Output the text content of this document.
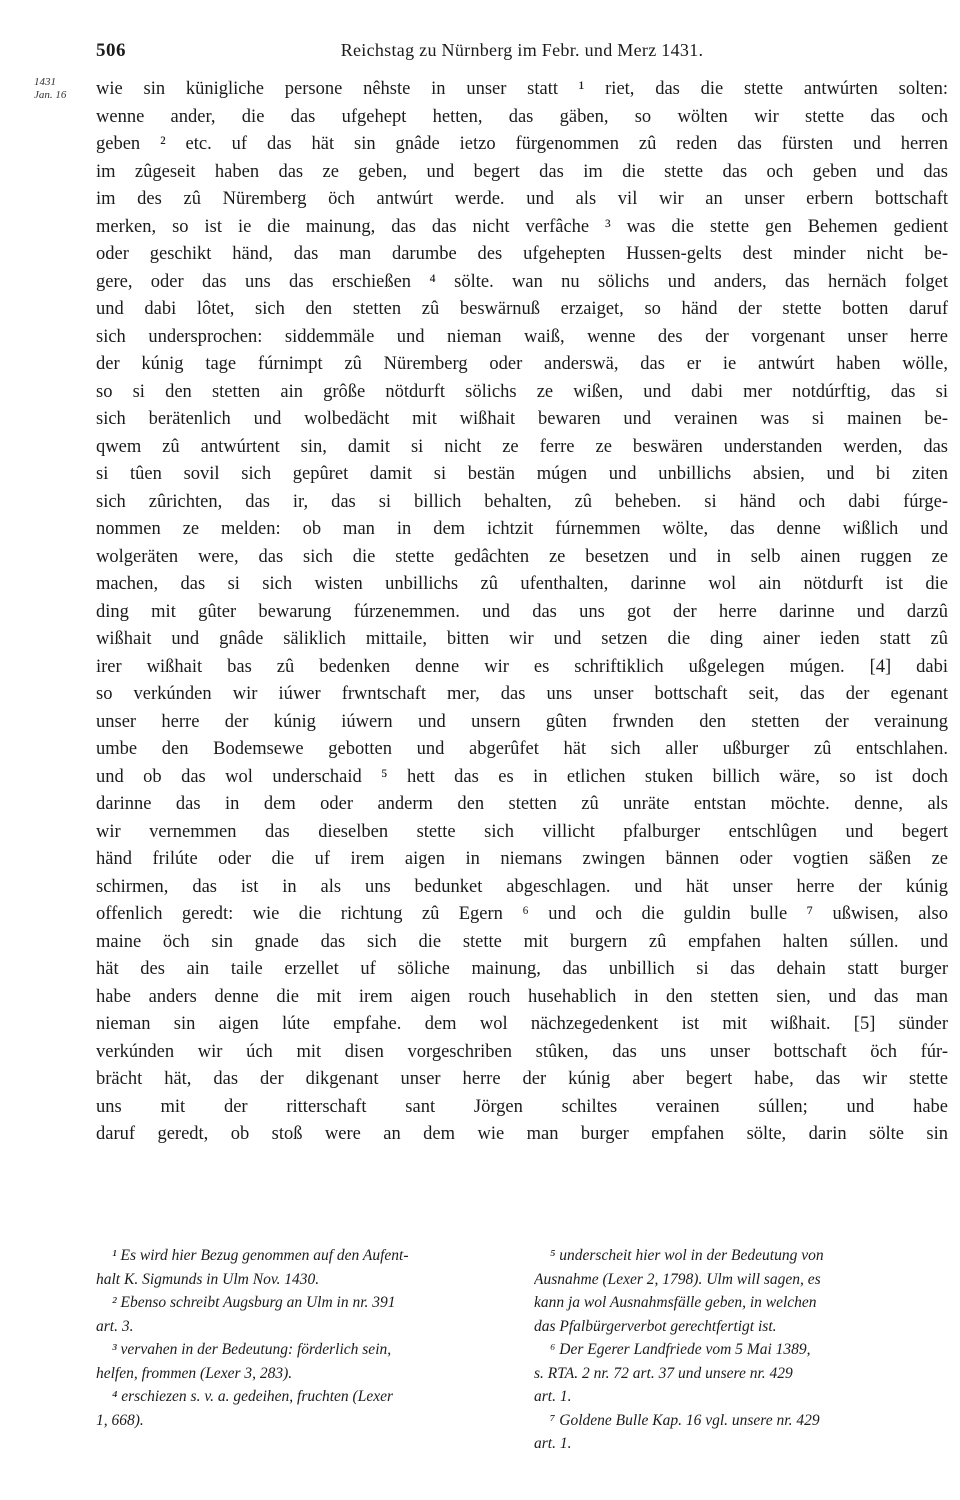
506	Reichstag zu Nürnberg im Febr. und Merz 1431.
1431
Jan. 16	wie sin künigliche persone nêhste in unser statt ¹ riet, das die stette antwúrten solten:
wenne ander, die das ufgehept hetten, das gäben, so wölten wir stette das och
geben ² etc. uf das hät sin gnâde ietzo fürgenommen zû reden das fürsten und herren
im zûgeseit haben das ze geben, und begert das im die stette das och geben und das
im des zû Nüremberg öch antwúrt werde. und als vil wir an unser erbern bottschaft
merken, so ist ie die mainung, das das nicht verfâche ³ was die stette gen Behemen gedient
oder geschikt händ, das man darumbe des ufgehepten Hussen-gelts dest minder nicht be-
gere, oder das uns das erschießen ⁴ sölte. wan nu sölichs und anders, das hernäch folget
und dabi lôtet, sich den stetten zû beswärnuß erzaiget, so händ der stette botten daruf
sich undersprochen: siddemmäle und nieman waiß, wenne des der vorgenant unser herre
der kúnig tage fúrnimpt zû Nüremberg oder anderswä, das er ie antwúrt haben wölle,
so si den stetten ain grôße nötdurft sölichs ze wißen, und dabi mer notdúrftig, das si
sich berätenlich und wolbedächt mit wißhait bewaren und verainen was si mainen be-
qwem zû antwúrtent sin, damit si nicht ze ferre ze beswären understanden werden, das
si tûen sovil sich gepûret damit si bestän múgen und unbillichs absien, und bi ziten
sich zûrichten, das ir, das si billich behalten, zû beheben. si händ och dabi fúrge-
nommen ze melden: ob man in dem ichtzit fúrnemmen wölte, das denne wißlich und
wolgeräten were, das sich die stette gedâchten ze besetzen und in selb ainen ruggen ze
machen, das si sich wisten unbillichs zû ufenthalten, darinne wol ain nötdurft ist die
ding mit gûter bewarung fúrzenemmen. und das uns got der herre darinne und darzû
wißhait und gnâde säliklich mittaile, bitten wir und setzen die ding ainer ieden statt zû
irer wißhait bas zû bedenken denne wir es schriftiklich ußgelegen múgen. [4] dabi
so verkúnden wir iúwer frwntschaft mer, das uns unser bottschaft seit, das der egenant
unser herre der kúnig iúwern und unsern gûten frwnden den stetten der verainung
umbe den Bodemsewe gebotten und abgerûfet hät sich aller ußburger zû entschlahen.
und ob das wol underschaid ⁵ hett das es in etlichen stuken billich wäre, so ist doch
darinne das in dem oder anderm den stetten zû unräte entstan möchte. denne, als
wir vernemmen das dieselben stette sich villicht pfalburger entschlûgen und begert
händ frilúte oder die uf irem aigen in niemans zwingen bännen oder vogtien säßen ze
schirmen, das ist in als uns bedunket abgeschlagen. und hät unser herre der kúnig
offenlich geredt: wie die richtung zû Egern ⁶ und och die guldin bulle ⁷ ußwisen, also
maine öch sin gnade das sich die stette mit burgern zû empfahen halten súllen. und
hät des ain taile erzellet uf söliche mainung, das unbillich si das dehain statt burger
habe anders denne die mit irem aigen rouch husehablich in den stetten sien, und das man
nieman sin aigen lúte empfahe. dem wol nächzegedenkent ist mit wißhait. [5] sünder
verkúnden wir úch mit disen vorgeschriben stûken, das uns unser bottschaft öch fúr-
brächt hät, das der dikgenant unser herre der kúnig aber begert habe, das wir stette
uns mit der ritterschaft sant Jörgen schiltes verainen súllen; und habe
daruf geredt, ob stoß were an dem wie man burger empfahen sölte, darin sölte sin
¹ Es wird hier Bezug genommen auf den Aufent-
halt K. Sigmunds in Ulm Nov. 1430.
² Ebenso schreibt Augsburg an Ulm in nr. 391
art. 3.
³ vervahen in der Bedeutung: förderlich sein,
helfen, frommen (Lexer 3, 283).
⁴ erschiezen s. v. a. gedeihen, fruchten (Lexer
1, 668).
⁵ underscheit hier wol in der Bedeutung von
Ausnahme (Lexer 2, 1798). Ulm will sagen, es
kann ja wol Ausnahmsfälle geben, in welchen
das Pfalbürgerverbot gerechtfertigt ist.
⁶ Der Egerer Landfriede vom 5 Mai 1389,
s. RTA. 2 nr. 72 art. 37 und unsere nr. 429
art. 1.
⁷ Goldene Bulle Kap. 16 vgl. unsere nr. 429
art. 1.
